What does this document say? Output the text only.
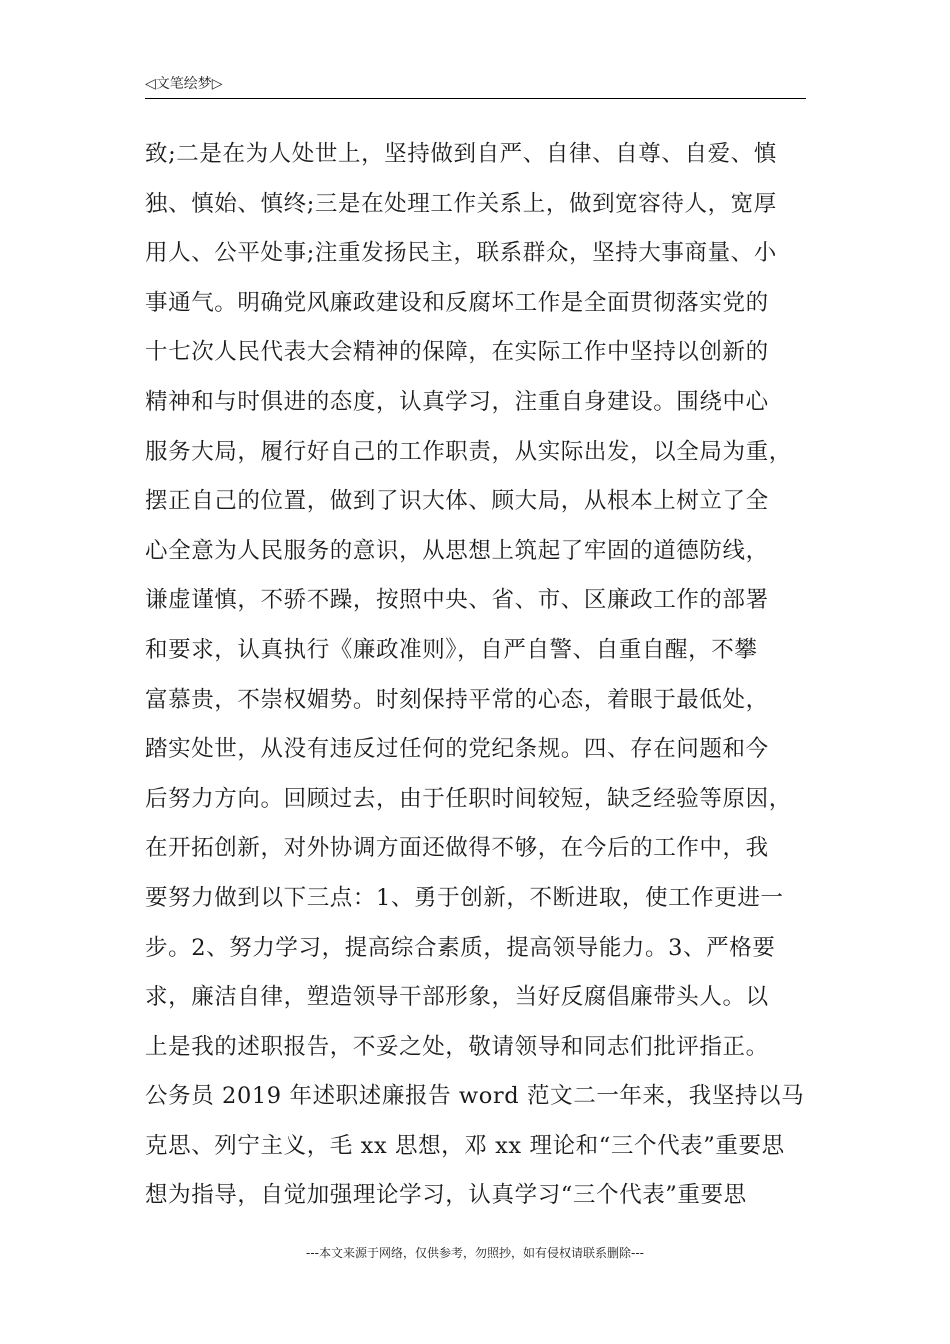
◁文笔绘梦▷
致;二是在为人处世上，坚持做到自严、自律、自尊、自爱、慎
独、慎始、慎终;三是在处理工作关系上，做到宽容待人，宽厚
用人、公平处事;注重发扬民主，联系群众，坚持大事商量、小
事通气。明确党风廉政建设和反腐坏工作是全面贯彻落实党的
十七次人民代表大会精神的保障，在实际工作中坚持以创新的
精神和与时俱进的态度，认真学习，注重自身建设。围绕中心
服务大局，履行好自己的工作职责，从实际出发，以全局为重，
摆正自己的位置，做到了识大体、顾大局，从根本上树立了全
心全意为人民服务的意识，从思想上筑起了牢固的道德防线，
谦虚谨慎，不骄不躁，按照中央、省、市、区廉政工作的部署
和要求，认真执行《廉政准则》，自严自警、自重自醒，不攀
富慕贵，不崇权媚势。时刻保持平常的心态，着眼于最低处，
踏实处世，从没有违反过任何的党纪条规。四、存在问题和今
后努力方向。回顾过去，由于任职时间较短，缺乏经验等原因，
在开拓创新，对外协调方面还做得不够，在今后的工作中，我
要努力做到以下三点：1、勇于创新，不断进取，使工作更进一
步。2、努力学习，提高综合素质，提高领导能力。3、严格要
求，廉洁自律，塑造领导干部形象，当好反腐倡廉带头人。以
上是我的述职报告，不妥之处，敬请领导和同志们批评指正。
公务员 2019 年述职述廉报告 word 范文二一年来，我坚持以马
克思、列宁主义，毛 xx 思想，邓 xx 理论和“三个代表”重要思
想为指导，自觉加强理论学习，认真学习“三个代表”重要思
---本文来源于网络，仅供参考，勿照抄，如有侵权请联系删除---
